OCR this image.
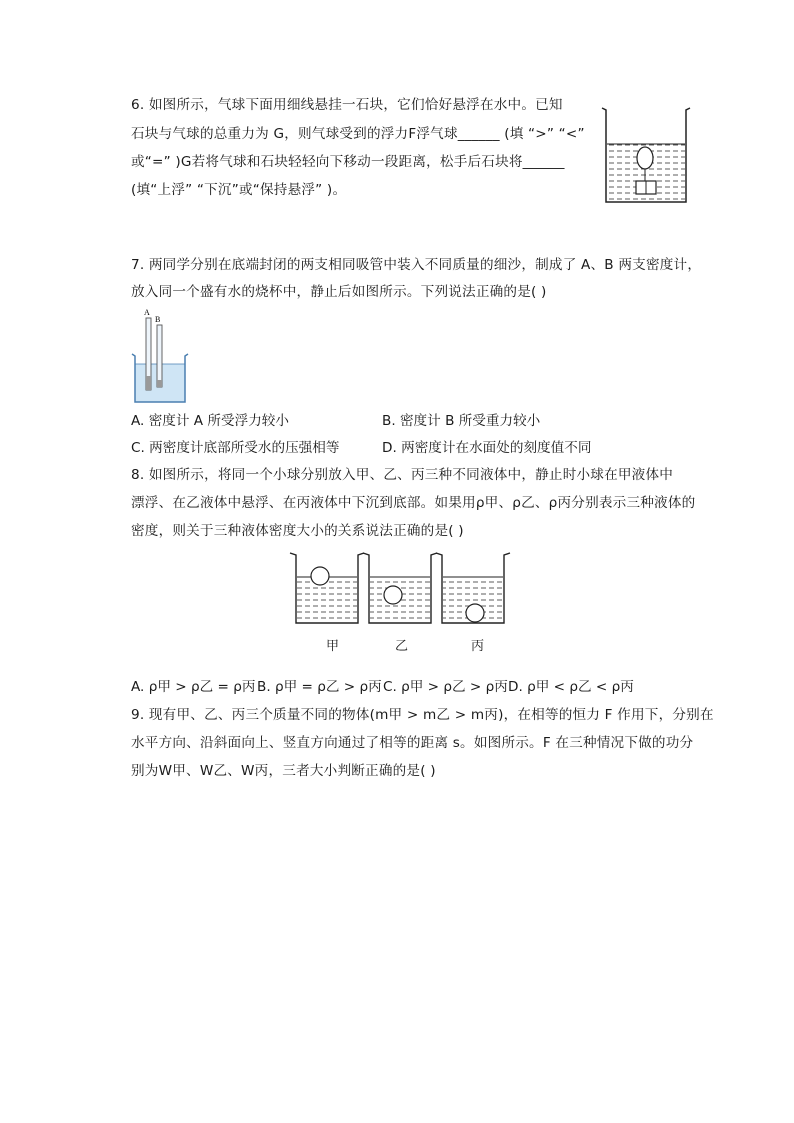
6. 如图所示，气球下面用细线悬挂一石块，它们恰好悬浮在水中。已知
石块与气球的总重力为 G，则气球受到的浮力F浮气球______ (填 “>” “<”
或“=” )G若将气球和石块轻轻向下移动一段距离，松手后石块将______
(填“上浮” “下沉”或“保持悬浮” )。
7. 两同学分别在底端封闭的两支相同吸管中装入不同质量的细沙，制成了 A、B 两支密度计，
放入同一个盛有水的烧杯中，静止后如图所示。下列说法正确的是( )
A
B
A. 密度计 A 所受浮力较小	B. 密度计 B 所受重力较小
C. 两密度计底部所受水的压强相等	D. 两密度计在水面处的刻度值不同
8. 如图所示，将同一个小球分别放入甲、乙、丙三种不同液体中，静止时小球在甲液体中
漂浮、在乙液体中悬浮、在丙液体中下沉到底部。如果用ρ甲、ρ乙、ρ丙分别表示三种液体的
密度，则关于三种液体密度大小的关系说法正确的是( )
甲	乙	丙
A. ρ甲 > ρ乙 = ρ丙 B. ρ甲 = ρ乙 > ρ丙 C. ρ甲 > ρ乙 > ρ丙 D. ρ甲 < ρ乙 < ρ丙
9. 现有甲、乙、丙三个质量不同的物体(m甲 > m乙 > m丙)，在相等的恒力 F 作用下，分别在
水平方向、沿斜面向上、竖直方向通过了相等的距离 s。如图所示。F 在三种情况下做的功分
别为W甲、W乙、W丙，三者大小判断正确的是( )
